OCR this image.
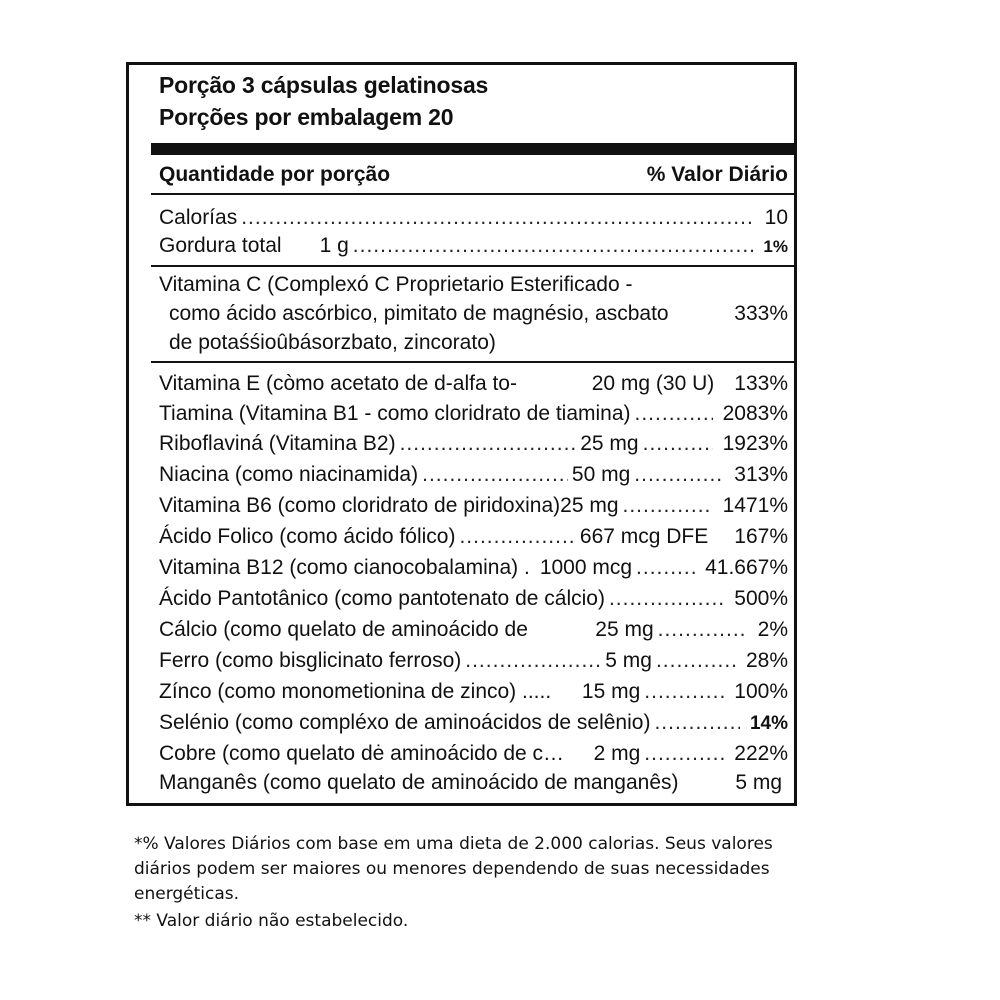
Porção 3 cápsulas gelatinosas
Porções por embalagem 20
Quantidade por porção	% Valor Diário
Calorías .....	10
Gordura total 1 g .....	1%
Vitamina C (Complexó C Proprietario Esterificado -
como ácido ascórbico, pimitato de magnésio, ascbato
de potaśśioûbásorzbato, zincorato)
333%
Vitamina E (còmo acetato de d-alfa to-	20 mg (30 U) 133%
Tiamina (Vitamina B1 - como cloridrato de tiamina) .....	2083%
Riboflaviná (Vitamina B2) .....	25 mg .....	1923%
Niacina (como niacinamida) .....	50 mg .....	313%
Vitamina B6 (como cloridrato de piridoxina) 25 mg .....	1471%
Ácido Folico (como ácido fólico) .....	667 mcg DFE 167%
Vitamina B12 (como cianocobalamina) . 1000 mcg .....	41.667%
Ácido Pantotânico (como pantotenato de cálcio) .....	500%
Cálcio (como quelato de aminoácido de	25 mg .....	2%
Ferro (como bisglicinato ferroso) .....	5 mg .....	28%
Zínco (como monometionina de zinco) ..... 15 mg .....	100%
Selénio (como compléxo de aminoácidos de selênio) .....	14%
Cobre (como quelato dė aminoácido de c… 2 mg .....	222%
Manganês (como quelato de aminoácido de manganês)	5 mg
*% Valores Diários com base em uma dieta de 2.000 calorias. Seus valores
diários podem ser maiores ou menores dependendo de suas necessidades
energéticas.
** Valor diário não estabelecido.
